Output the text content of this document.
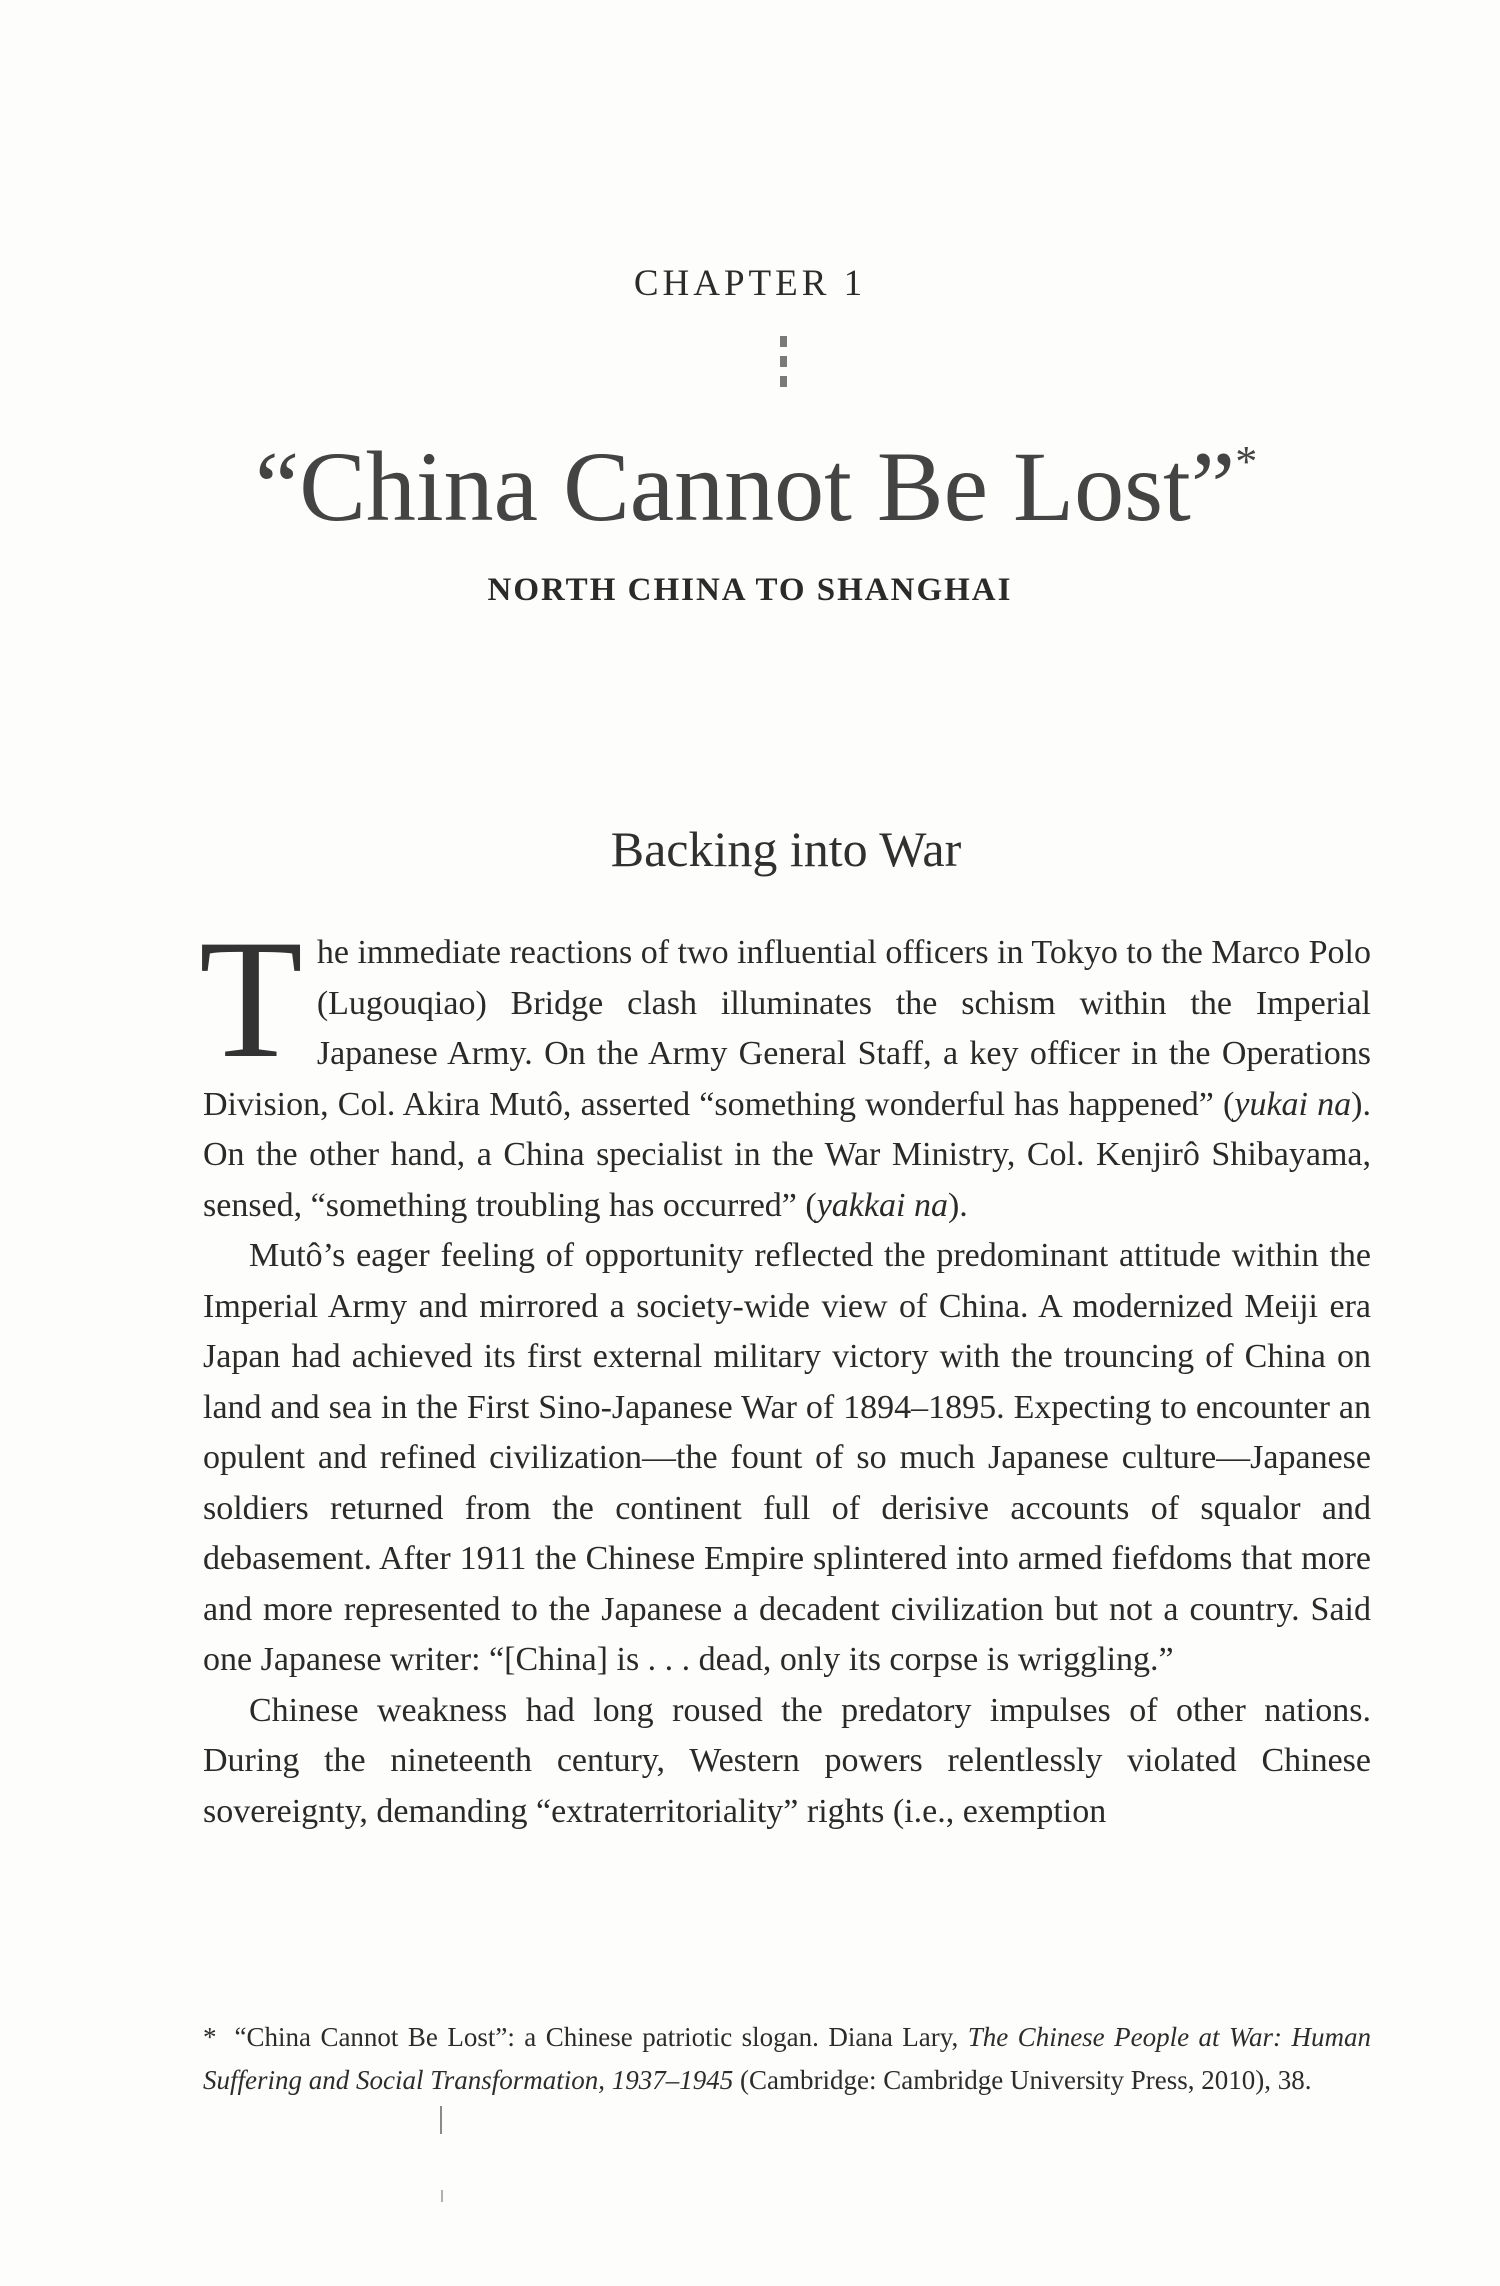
CHAPTER 1
“China Cannot Be Lost”*
NORTH CHINA TO SHANGHAI
Backing into War

The immediate reactions of two influential officers in Tokyo to the Marco Polo (Lugouqiao) Bridge clash illuminates the schism within the Imperial Japanese Army. On the Army General Staff, a key officer in the Operations Division, Col. Akira Mutô, asserted “something wonderful has happened” (yukai na). On the other hand, a China specialist in the War Ministry, Col. Kenjirô Shibayama, sensed, “something troubling has occurred” (yakkai na).

Mutô’s eager feeling of opportunity reflected the predominant attitude within the Imperial Army and mirrored a society-wide view of China. A modernized Meiji era Japan had achieved its first external military victory with the trouncing of China on land and sea in the First Sino-Japanese War of 1894–1895. Expecting to encounter an opulent and refined civilization—the fount of so much Japanese culture—Japanese soldiers returned from the continent full of derisive accounts of squalor and debasement. After 1911 the Chinese Empire splintered into armed fiefdoms that more and more represented to the Japanese a decadent civilization but not a country. Said one Japanese writer: “[China] is . . . dead, only its corpse is wriggling.”

Chinese weakness had long roused the predatory impulses of other nations. During the nineteenth century, Western powers relentlessly violated Chinese sovereignty, demanding “extraterritoriality” rights (i.e., exemption

* “China Cannot Be Lost”: a Chinese patriotic slogan. Diana Lary, The Chinese People at War: Human Suffering and Social Transformation, 1937–1945 (Cambridge: Cambridge University Press, 2010), 38.
